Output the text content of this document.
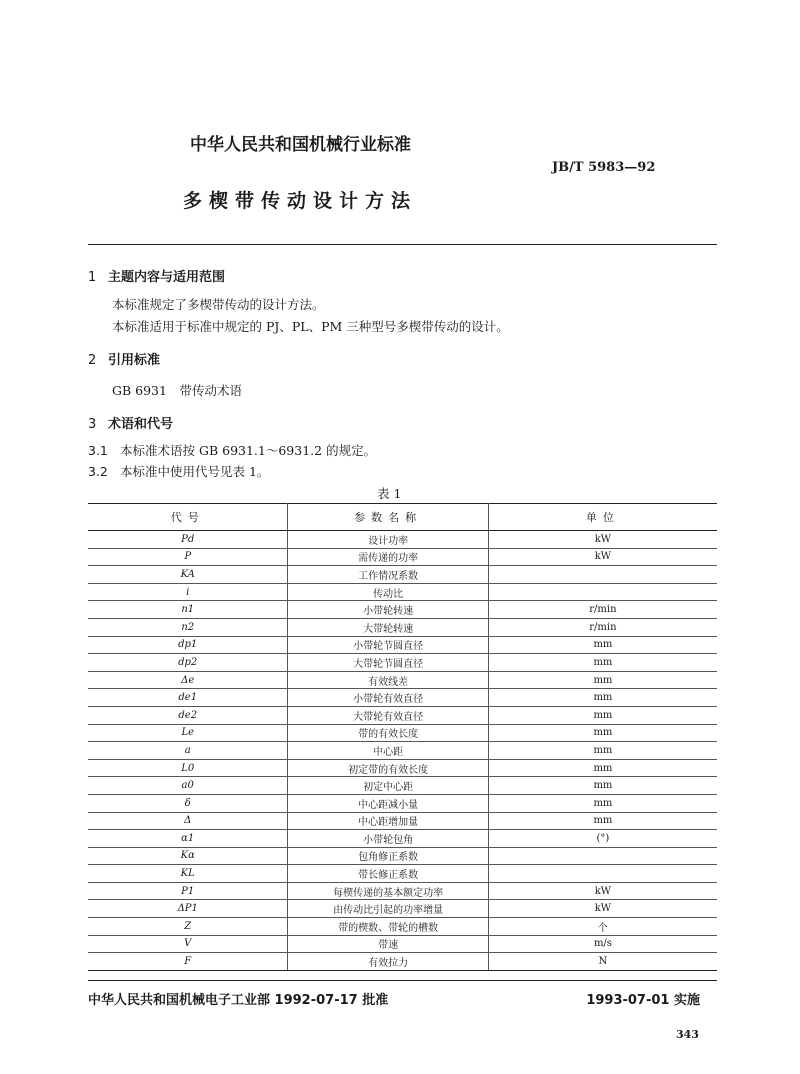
中华人民共和国机械行业标准
JB/T 5983—92
多楔带传动设计方法
1 主题内容与适用范围
本标准规定了多楔带传动的设计方法。
本标准适用于标准中规定的 PJ、PL、PM 三种型号多楔带传动的设计。
2 引用标准
GB 6931　带传动术语
3 术语和代号
3.1 本标准术语按 GB 6931.1～6931.2 的规定。
3.2 本标准中使用代号见表 1。
表 1
代号	参数名称	单位
Pd	设计功率	kW
P	需传递的功率	kW
KA	工作情况系数	
i	传动比	
n1	小带轮转速	r/min
n2	大带轮转速	r/min
dp1	小带轮节圆直径	mm
dp2	大带轮节圆直径	mm
Δe	有效线差	mm
de1	小带轮有效直径	mm
de2	大带轮有效直径	mm
Le	带的有效长度	mm
a	中心距	mm
L0	初定带的有效长度	mm
a0	初定中心距	mm
δ	中心距减小量	mm
Δ	中心距增加量	mm
α1	小带轮包角	(°)
Kα	包角修正系数	
KL	带长修正系数	
P1	每楔传递的基本额定功率	kW
ΔP1	由传动比引起的功率增量	kW
Z	带的楔数、带轮的槽数	个
V	带速	m/s
F	有效拉力	N
中华人民共和国机械电子工业部 1992-07-17 批准	1993-07-01 实施
343
